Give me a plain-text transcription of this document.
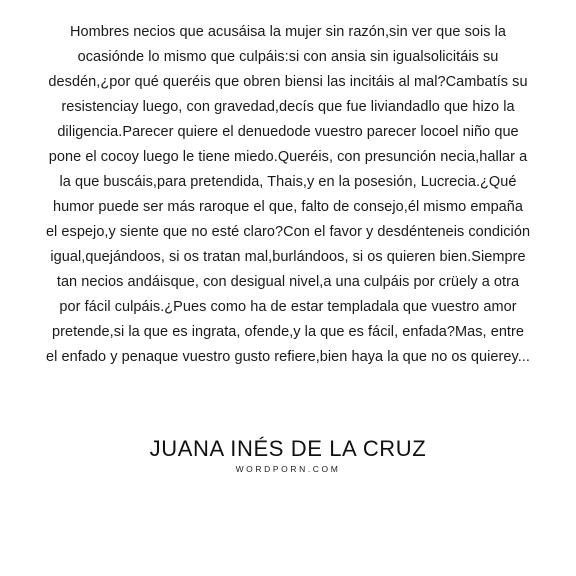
Hombres necios que acusáisa la mujer sin razón,sin ver que sois la
ocasiónde lo mismo que culpáis:si con ansia sin igualsolicitáis su
desdén,¿por qué queréis que obren biensi las incitáis al mal?Cambatís su
resistenciay luego, con gravedad,decís que fue liviandadlo que hizo la
diligencia.Parecer quiere el denuedode vuestro parecer locoel niño que
pone el cocoy luego le tiene miedo.Queréis, con presunción necia,hallar a
la que buscáis,para pretendida, Thais,y en la posesión, Lucrecia.¿Qué
humor puede ser más raroque el que, falto de consejo,él mismo empaña
el espejo,y siente que no esté claro?Con el favor y desdénteneis condición
igual,quejándoos, si os tratan mal,burlándoos, si os quieren bien.Siempre
tan necios andáisque, con desigual nivel,a una culpáis por crüely a otra
por fácil culpáis.¿Pues como ha de estar templadala que vuestro amor
pretende,si la que es ingrata, ofende,y la que es fácil, enfada?Mas, entre
el enfado y penaque vuestro gusto refiere,bien haya la que no os quierey...
JUANA INÉS DE LA CRUZ
WORDPORN.COM
